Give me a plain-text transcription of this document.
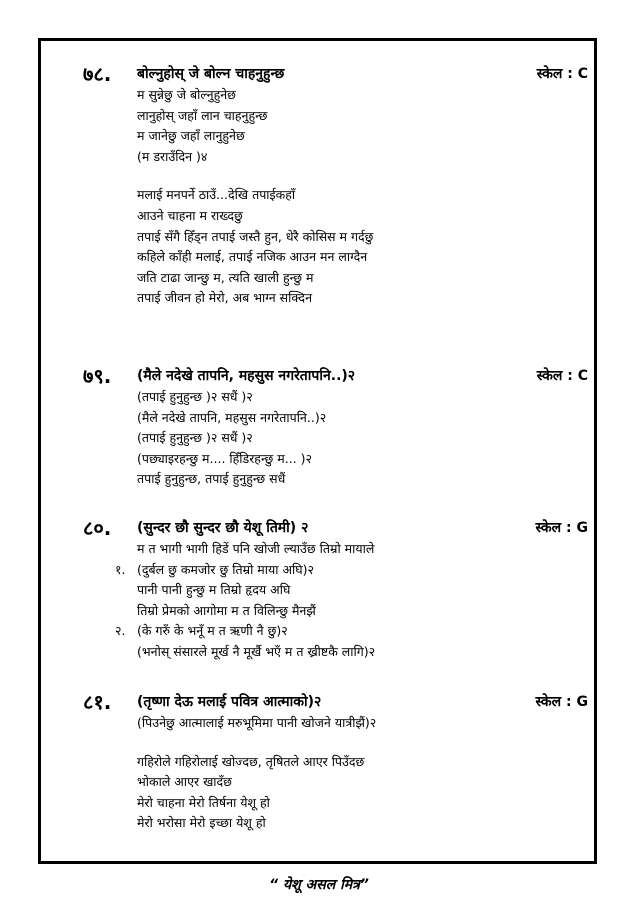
७८. बोल्नुहोस् जे बोल्न चाहनुहुन्छ	स्केल : C
म सुन्नेछु जे बोल्नुहुनेछ
लानुहोस् जहाँ लान चाहनुहुन्छ
म जानेछु जहाँ लानुहुनेछ
(म डराउँदिन )४
मलाई मनपर्ने ठाउँ...देखि तपाईकहाँ
आउने चाहना म राख्दछु
तपाई सँगै हिँड्न तपाई जस्तै हुन, धेरै कोसिस म गर्दछु
कहिले काँही मलाई, तपाई नजिक आउन मन लाग्दैन
जति टाढा जान्छु म, त्यति खाली हुन्छु म
तपाई जीवन हो मेरो, अब भाग्न सक्दिन
७९. (मैले नदेखे तापनि, महसुस नगरेतापनि..)२	स्केल : C
(तपाई हुनुहुन्छ )२ सधैं )२
(मैले नदेखे तापनि, महसुस नगरेतापनि..)२
(तपाई हुनुहुन्छ )२ सधैं )२
(पछ्याइरहन्छु म.... हिँडिरहन्छु म... )२
तपाई हुनुहुन्छ, तपाई हुनुहुन्छ सधैं
८०. (सुन्दर छौ सुन्दर छौ येशू तिमी) २	स्केल : G
म त भागी भागी हिडें पनि खोजी ल्याउँछ तिम्रो मायाले
१. (दुर्बल छु कमजोर छु तिम्रो माया अघि)२
पानी पानी हुन्छु म तिम्रो हृदय अघि
तिम्रो प्रेमको आगोमा म त विलिन्छु मैनझैं
२. (के गरुँ के भनूँ म त ऋणी नै छु)२
(भनोस् संसारले मूर्ख नै मूर्खै भएँ म त ख्रीष्टकै लागि)२
८१. (तृष्णा देऊ मलाई पवित्र आत्माको)२	स्केल : G
(पिउनेछु आत्मालाई मरुभूमिमा पानी खोजने यात्रीझैं)२
गहिरोले गहिरोलाई खोज्दछ, तृषितले आएर पिउँदछ
भोकाले आएर खादँछ
मेरो चाहना मेरो तिर्षना येशू हो
मेरो भरोसा मेरो इच्छा येशू हो
“ येशू असल मित्र”
